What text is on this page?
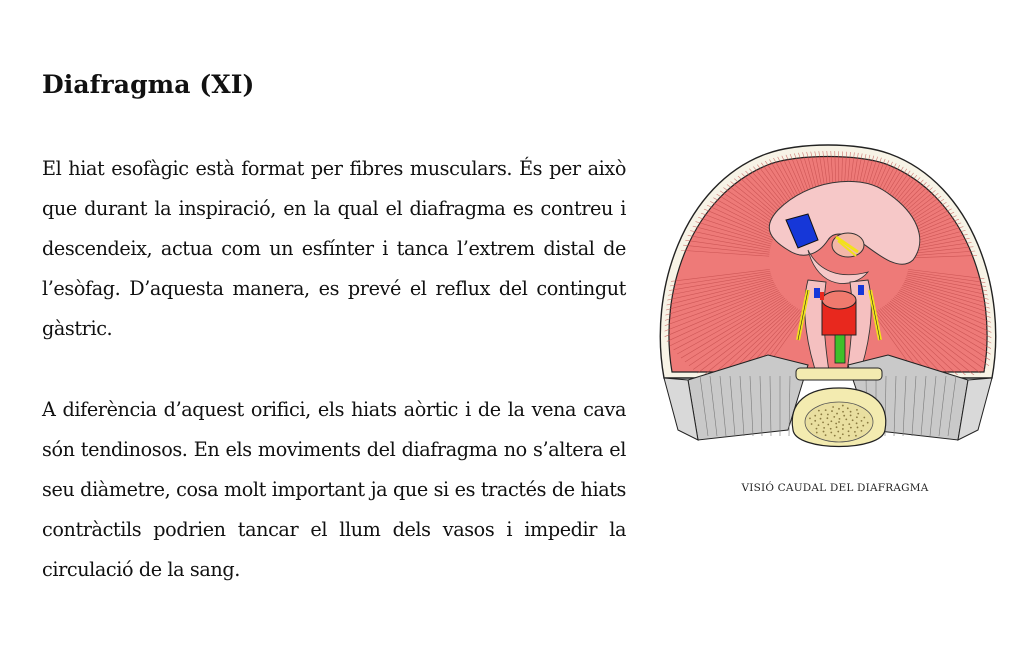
Diafragma (XI)

El hiat esofàgic està format per fibres musculars. És per això que durant la inspiració, en la qual el diafragma es contreu i descendeix, actua com un esfínter i tanca l’extrem distal de l’esòfag. D’aquesta manera, es prevé el reflux del contingut gàstric.

A diferència d’aquest orifici, els hiats aòrtic i de la vena cava són tendinosos. En els moviments del diafragma no s’altera el seu diàmetre, cosa molt important ja que si es tractés de hiats contràctils podrien tancar el llum dels vasos i impedir la circulació de la sang.

VISIÓ CAUDAL DEL DIAFRAGMA
